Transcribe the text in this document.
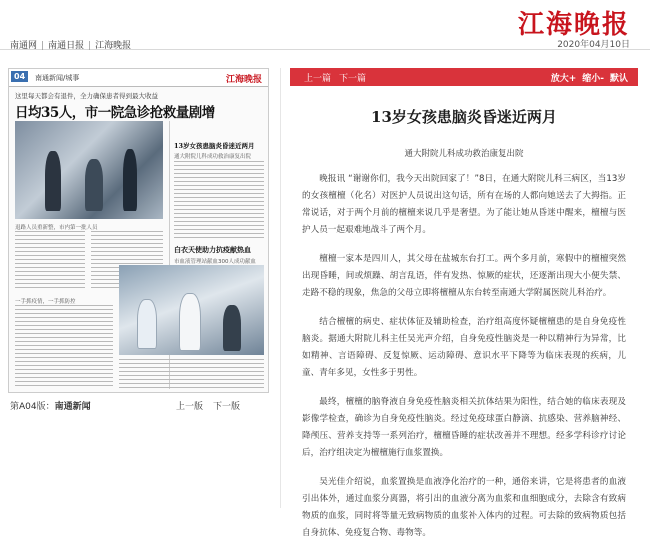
江海晚报
2020年04月10日
南通网 | 南通日报 | 江海晚报
04	南通新闻/城事	江海晚报
这里每天都会有退件，全力确保患者得到最大收益
日均35人，市一院急诊抢救量剧增
13岁女孩患脑炎昏迷近两月
通大附院儿科成功救治康复出院
退路人员重新整，市内第一批人员
白衣天使助力抗疫献热血
市血液管理站献血300人成功献血
一手抓疫情，一手抓防控
第A04版：南通新闻	上一版 下一版
上一篇 下一篇	放大+ 缩小- 默认
13岁女孩患脑炎昏迷近两月
通大附院儿科成功救治康复出院

晚报讯 “谢谢你们，我今天出院回家了！”8日，在通大附院儿科三病区，当13岁的女孩檀檀（化名）对医护人员说出这句话，所有在场的人都向她送去了大拇指。正常说话，对于两个月前的檀檀来说几乎是奢望。为了能让她从昏迷中醒来，檀檀与医护人员一起艰难地战斗了两个月。

檀檀一家本是四川人，其父母在盐城东台打工。两个多月前，寒假中的檀檀突然出现昏睡，间或烦躁、胡言乱语，伴有发热、惊厥的症状，还逐渐出现大小便失禁、走路不稳的现象，焦急的父母立即将檀檀从东台转至南通大学附属医院儿科治疗。

结合檀檀的病史、症状体征及辅助检查，治疗组高度怀疑檀檀患的是自身免疫性脑炎。据通大附院儿科主任吴光声介绍，自身免疫性脑炎是一种以精神行为异常，比如精神、言语障碍、反复惊厥、运动障碍、意识水平下降等为临床表现的疾病，儿童、青年多见，女性多于男性。

最终，檀檀的脑脊液自身免疫性脑炎相关抗体结果为阳性，结合她的临床表现及影像学检查，确诊为自身免疫性脑炎。经过免疫球蛋白静滴、抗感染、营养脑神经、降颅压、营养支持等一系列治疗，檀檀昏睡的症状改善并不理想。经多学科诊疗讨论后，治疗组决定为檀檀施行血浆置换。

吴光佳介绍说，血浆置换是血液净化治疗的一种，通俗来讲，它是将患者的血液引出体外，通过血浆分离器，将引出的血液分离为血浆和血细胞成分，去除含有致病物质的血浆，同时将等量无致病物质的血浆补入体内的过程。可去除的致病物质包括自身抗体、免疫复合物、毒物等。
